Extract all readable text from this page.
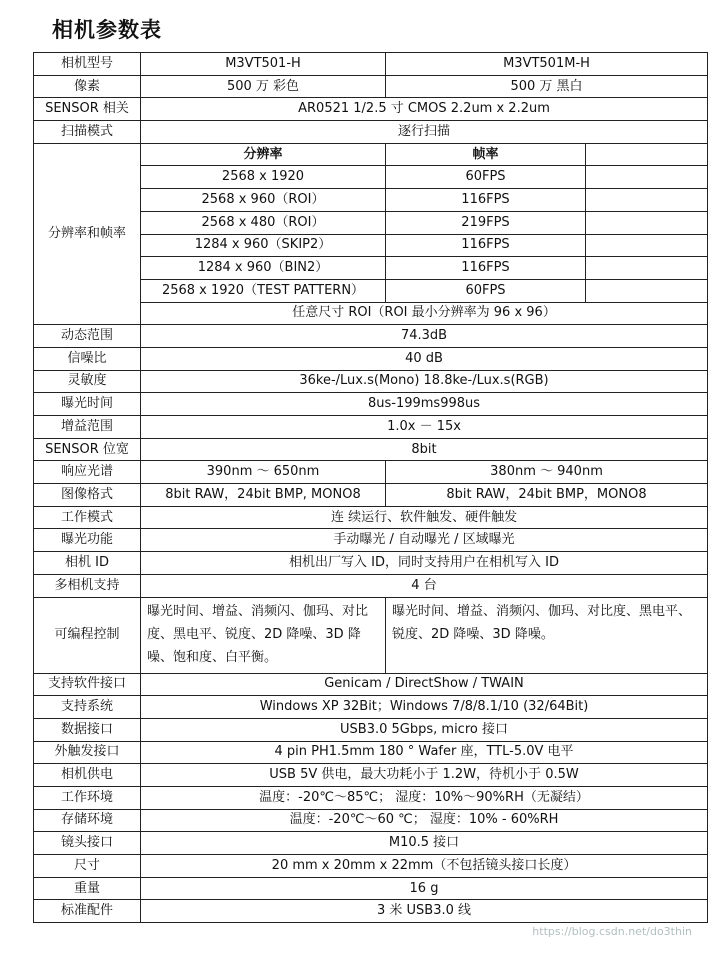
相机参数表
相机型号	M3VT501-H	M3VT501M-H	
像素	500 万 彩色	500 万 黑白	
SENSOR 相关	AR0521 1/2.5 寸 CMOS 2.2um x 2.2um		
扫描模式	逐行扫描		
分辨率和帧率	分辨率	帧率	
	2568 x 1920	60FPS	
	2568 x 960（ROI）	116FPS	
	2568 x 480（ROI）	219FPS	
	1284 x 960（SKIP2）	116FPS	
	1284 x 960（BIN2）	116FPS	
	2568 x 1920（TEST PATTERN）	60FPS	
	任意尺寸 ROI（ROI 最小分辨率为 96 x 96）		
动态范围	74.3dB		
信噪比	40 dB		
灵敏度	36ke-/Lux.s(Mono) 18.8ke-/Lux.s(RGB)		
曝光时间	8us-199ms998us		
增益范围	1.0x － 15x		
SENSOR 位宽	8bit		
响应光谱	390nm ～ 650nm	380nm ～ 940nm	
图像格式	8bit RAW，24bit BMP, MONO8	8bit RAW，24bit BMP，MONO8	
工作模式	连 续运行、软件触发、硬件触发		
曝光功能	手动曝光 / 自动曝光 / 区域曝光		
相机 ID	相机出厂写入 ID，同时支持用户在相机写入 ID		
多相机支持	4 台		
可编程控制	曝光时间、增益、消频闪、伽玛、对比度、黑电平、锐度、2D 降噪、3D 降噪、饱和度、白平衡。	曝光时间、增益、消频闪、伽玛、对比度、黑电平、锐度、2D 降噪、3D 降噪。	
支持软件接口	Genicam / DirectShow / TWAIN		
支持系统	Windows XP 32Bit；Windows 7/8/8.1/10 (32/64Bit)		
数据接口	USB3.0 5Gbps, micro 接口		
外触发接口	4 pin PH1.5mm 180 ° Wafer 座，TTL-5.0V 电平		
相机供电	USB 5V 供电，最大功耗小于 1.2W，待机小于 0.5W		
工作环境	温度：-20℃～85℃； 湿度：10%～90%RH（无凝结）		
存储环境	温度：-20℃～60 ℃； 湿度：10% - 60%RH		
镜头接口	M10.5 接口		
尺寸	20 mm x 20mm x 22mm（不包括镜头接口长度）		
重量	16 g		
标准配件	3 米 USB3.0 线		
https://blog.csdn.net/do3thin
